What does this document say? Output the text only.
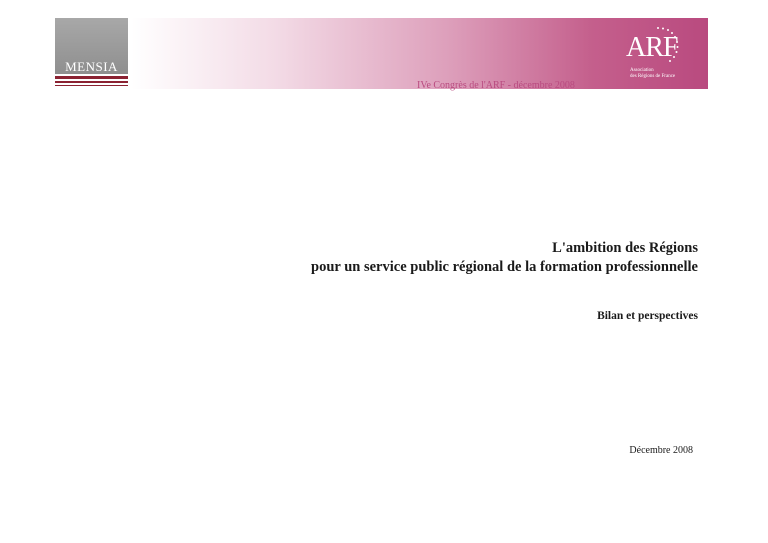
MENSIA
ARF
Association
des Régions de France
IVe Congrès de l'ARF - décembre 2008
L'ambition des Régions
pour un service public régional de la formation professionnelle
Bilan et perspectives
Décembre 2008
